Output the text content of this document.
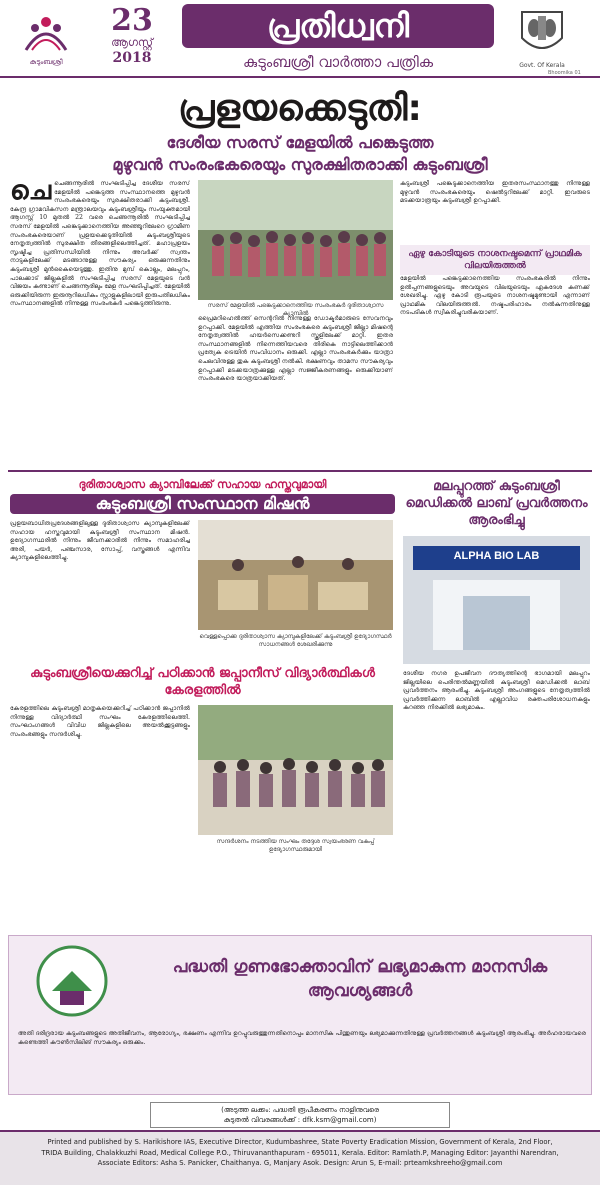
കുടുംബശ്രീ
23
ആഗസ്റ്റ്
2018
പ്രതിധ്വനി
കുടുംബശ്രീ വാർത്താ പത്രിക	Govt. Of Kerala
Bhoomika 01
പ്രളയക്കെടുതി:
ദേശീയ സരസ് മേളയിൽ പങ്കെടുത്ത
മുഴുവൻ സംരംഭകരെയും സുരക്ഷിതരാക്കി കുടുംബശ്രീ
ചെചെങ്ങന്നൂരിൽ സംഘടിപ്പിച്ച ദേശീയ സരസ് മേളയിൽ പങ്കെടുത്ത സംസ്ഥാനത്തെ മുഴുവൻ സംരംഭകരെയും സുരക്ഷിതരാക്കി കുടുംബശ്രീ. കേന്ദ്ര ഗ്രാമവികസന മന്ത്രാലയവും കുടുംബശ്രീയും സംയുക്തമായി ആഗസ്റ്റ് 10 മുതൽ 22 വരെ ചെങ്ങന്നൂരിൽ സംഘടിപ്പിച്ച സരസ് മേളയിൽ പങ്കെടുക്കാനെത്തിയ അഞ്ഞൂറിലേറെ ഗ്രാമീണ സംരംഭകരെയാണ് പ്രളയക്കെടുതിയിൽ കുടുംബശ്രീയുടെ നേതൃത്വത്തിൽ സുരക്ഷിത തീരങ്ങളിലെത്തിച്ചത്. മഹാപ്രളയം സൃഷ്ടിച്ച പ്രതിസന്ധിയിൽ നിന്നും അവർക്ക് സ്വന്തം നാടുകളിലേക്ക് മടങ്ങാനുള്ള സൗകര്യം ഒരുക്കുന്നതിനും കുടുംബശ്രീ മുൻകൈയെടുത്തു. ഇതിനു മുമ്പ് കൊല്ലം, മലപ്പുറം, പാലക്കാട് ജില്ലകളിൽ സംഘടിപ്പിച്ച സരസ് മേളയുടെ വൻ വിജയം കണ്ടാണ് ചെങ്ങന്നൂരിലും മേള സംഘടിപ്പിച്ചത്. മേളയിൽ ഒരുക്കിയിരുന്ന ഇരുനൂറിലധികം സ്റ്റാളുകളിലായി ഇരുപതിലധികം സംസ്ഥാനങ്ങളിൽ നിന്നുള്ള സംരംഭകർ പങ്കെടുത്തിരുന്നു.	സരസ് മേളയിൽ പങ്കെടുക്കാനെത്തിയ സംരംഭകർ ദുരിതാശ്വാസ ക്യാമ്പിൽ
പ്രൈമറിഹെൽത്ത് സെന്ററിൽ നിന്നുള്ള ഡോക്ടർമാരുടെ സേവനവും ഉറപ്പാക്കി. മേളയിൽ എത്തിയ സംരംഭകരെ കുടുംബശ്രീ ജില്ലാ മിഷന്റെ നേതൃത്വത്തിൽ ഹയർസെക്കണ്ടറി സ്കൂളിലേക്ക് മാറ്റി. ഇതര സംസ്ഥാനങ്ങളിൽ നിന്നെത്തിയവരെ തിരികെ നാട്ടിലെത്തിക്കാൻ പ്രത്യേക ട്രെയിൻ സംവിധാനം ഒരുക്കി. എല്ലാ സംരംഭകർക്കും യാത്രാ ചെലവിനുള്ള തുക കുടുംബശ്രീ നൽകി. ഭക്ഷണവും താമസ സൗകര്യവും ഉറപ്പാക്കി മടക്കയാത്രക്കുള്ള എല്ലാ സജ്ജീകരണങ്ങളും ഒരുക്കിയാണ് സംരംഭകരെ യാത്രയാക്കിയത്.
കുടുംബശ്രീ പങ്കെടുക്കാനെത്തിയ ഇതരസംസ്ഥാനത്തു നിന്നുള്ള മുഴുവൻ സംരംഭകരെയും ഷെൽട്ടറിലേക്ക് മാറ്റി. ഇവരുടെ മടക്കയാത്രയും കുടുംബശ്രീ ഉറപ്പാക്കി.
ഏഴു കോടിയുടെ നാശനഷ്ടമെന്ന് പ്രാഥമിക വിലയിരുത്തൽ
മേളയിൽ പങ്കെടുക്കാനെത്തിയ സംരംഭകരിൽ നിന്നും ഉൽപ്പന്നങ്ങളുടെയും അവയുടെ വിലയുടെയും ഏകദേശ കണക്ക് ശേഖരിച്ചു. ഏഴു കോടി രൂപയുടെ നാശനഷ്ടമുണ്ടായി എന്നാണ് പ്രാഥമിക വിലയിരുത്തൽ. നഷ്ടപരിഹാരം നൽകുന്നതിനുള്ള നടപടികൾ സ്വീകരിച്ചുവരികയാണ്.
ദുരിതാശ്വാസ ക്യാമ്പിലേക്ക് സഹായ ഹസ്തവുമായി
കുടുംബശ്രീ സംസ്ഥാന മിഷൻ
പ്രളയബാധിതപ്രദേശങ്ങളിലുള്ള ദുരിതാശ്വാസ ക്യാമ്പുകളിലേക്ക് സഹായ ഹസ്തവുമായി കുടുംബശ്രീ സംസ്ഥാന മിഷൻ. ഉദ്യോഗസ്ഥരിൽ നിന്നും ജീവനക്കാരിൽ നിന്നും സമാഹരിച്ച അരി, പയർ, പഞ്ചസാര, സോപ്പ്, വസ്ത്രങ്ങൾ എന്നിവ ക്യാമ്പുകളിലെത്തിച്ചു.
വെള്ളപ്പൊക്ക ദുരിതാശ്വാസ ക്യാമ്പുകളിലേക്ക് കുടുംബശ്രീ ഉദ്യോഗസ്ഥർ സാധനങ്ങൾ ശേഖരിക്കുന്നു
മലപ്പുറത്ത് കുടുംബശ്രീ മെഡിക്കൽ ലാബ് പ്രവർത്തനം ആരംഭിച്ചു
ALPHA BIO LAB
ദേശീയ നഗര ഉപജീവന ദൗത്യത്തിന്റെ ഭാഗമായി മലപ്പുറം ജില്ലയിലെ പെരിന്തൽമണ്ണയിൽ കുടുംബശ്രീ മെഡിക്കൽ ലാബ് പ്രവർത്തനം ആരംഭിച്ചു. കുടുംബശ്രീ അംഗങ്ങളുടെ നേതൃത്വത്തിൽ പ്രവർത്തിക്കുന്ന ലാബിൽ എല്ലാവിധ രക്തപരിശോധനകളും കുറഞ്ഞ നിരക്കിൽ ലഭ്യമാകും.
കുടുംബശ്രീയെക്കുറിച്ച് പഠിക്കാൻ ജപ്പാനീസ് വിദ്യാർത്ഥികൾ കേരളത്തിൽ
കേരളത്തിലെ കുടുംബശ്രീ മാതൃകയെക്കുറിച്ച് പഠിക്കാൻ ജപ്പാനിൽ നിന്നുള്ള വിദ്യാർത്ഥി സംഘം കേരളത്തിലെത്തി. സംഘാംഗങ്ങൾ വിവിധ ജില്ലകളിലെ അയൽക്കൂട്ടങ്ങളും സംരംഭങ്ങളും സന്ദർശിച്ചു.
സന്ദർശനം നടത്തിയ സംഘം തദ്ദേശ സ്വയംഭരണ വകുപ്പ് ഉദ്യോഗസ്ഥരുമായി
പദ്ധതി ഗുണഭോക്താവിന് ലഭ്യമാകുന്ന മാനസിക ആവശ്യങ്ങൾ
അതി ദരിദ്രരായ കുടുംബങ്ങളുടെ അതിജീവനം, ആരോഗ്യം, ഭക്ഷണം എന്നിവ ഉറപ്പുവരുത്തുന്നതിനൊപ്പം മാനസിക പിന്തുണയും ലഭ്യമാക്കുന്നതിനുള്ള പ്രവർത്തനങ്ങൾ കുടുംബശ്രീ ആരംഭിച്ചു. അർഹരായവരെ കണ്ടെത്തി കൗൺസിലിങ് സൗകര്യം ഒരുക്കും.
(അടുത്ത ലക്കം: പദ്ധതി രൂപീകരണം നാളിനുവരെ
കുടുതൽ വിവരങ്ങൾക്ക് : dfk.ksm@gmail.com)
Printed and published by S. Harikishore IAS, Executive Director, Kudumbashree, State Poverty Eradication Mission, Government of Kerala, 2nd Floor,
TRIDA Building, Chalakkuzhi Road, Medical College P.O., Thiruvananthapuram - 695011, Kerala. Editor: Ramlath.P, Managing Editor: Jayanthi Narendran,
Associate Editors: Asha S. Panicker, Chaithanya. G, Manjary Asok. Design: Arun S, E-mail: prteamkshreeho@gmail.com
